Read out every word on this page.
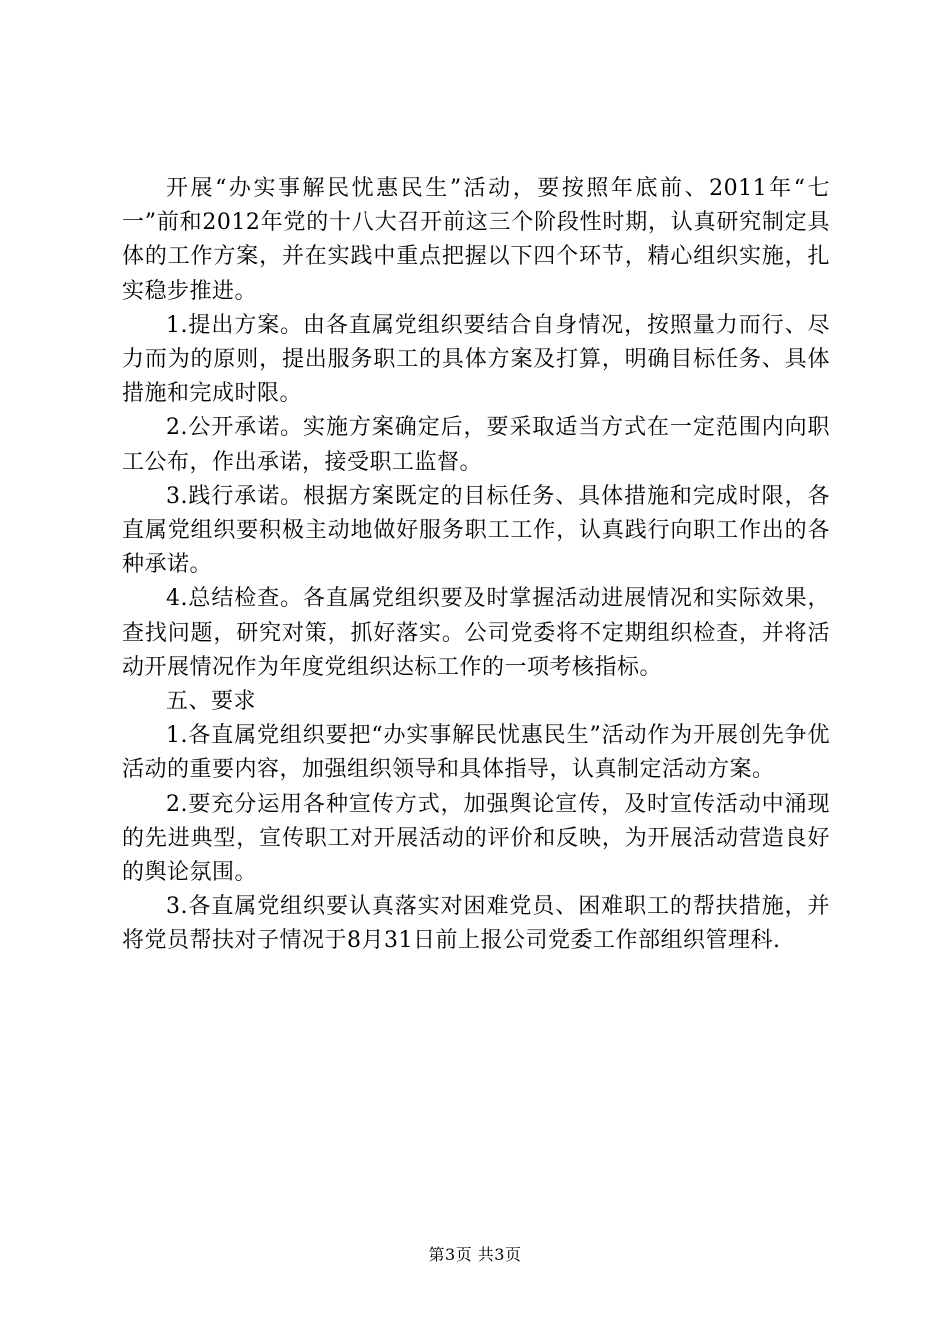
开展“办实事解民忧惠民生”活动，要按照年底前、2011年“七一”前和2012年党的十八大召开前这三个阶段性时期，认真研究制定具体的工作方案，并在实践中重点把握以下四个环节，精心组织实施，扎实稳步推进。

1.提出方案。由各直属党组织要结合自身情况，按照量力而行、尽力而为的原则，提出服务职工的具体方案及打算，明确目标任务、具体措施和完成时限。

2.公开承诺。实施方案确定后，要采取适当方式在一定范围内向职工公布，作出承诺，接受职工监督。

3.践行承诺。根据方案既定的目标任务、具体措施和完成时限，各直属党组织要积极主动地做好服务职工工作，认真践行向职工作出的各种承诺。

4.总结检查。各直属党组织要及时掌握活动进展情况和实际效果，查找问题，研究对策，抓好落实。公司党委将不定期组织检查，并将活动开展情况作为年度党组织达标工作的一项考核指标。

五、要求

1.各直属党组织要把“办实事解民忧惠民生”活动作为开展创先争优活动的重要内容，加强组织领导和具体指导，认真制定活动方案。

2.要充分运用各种宣传方式，加强舆论宣传，及时宣传活动中涌现的先进典型，宣传职工对开展活动的评价和反映，为开展活动营造良好的舆论氛围。

3.各直属党组织要认真落实对困难党员、困难职工的帮扶措施，并将党员帮扶对子情况于8月31日前上报公司党委工作部组织管理科.

第3页 共3页
